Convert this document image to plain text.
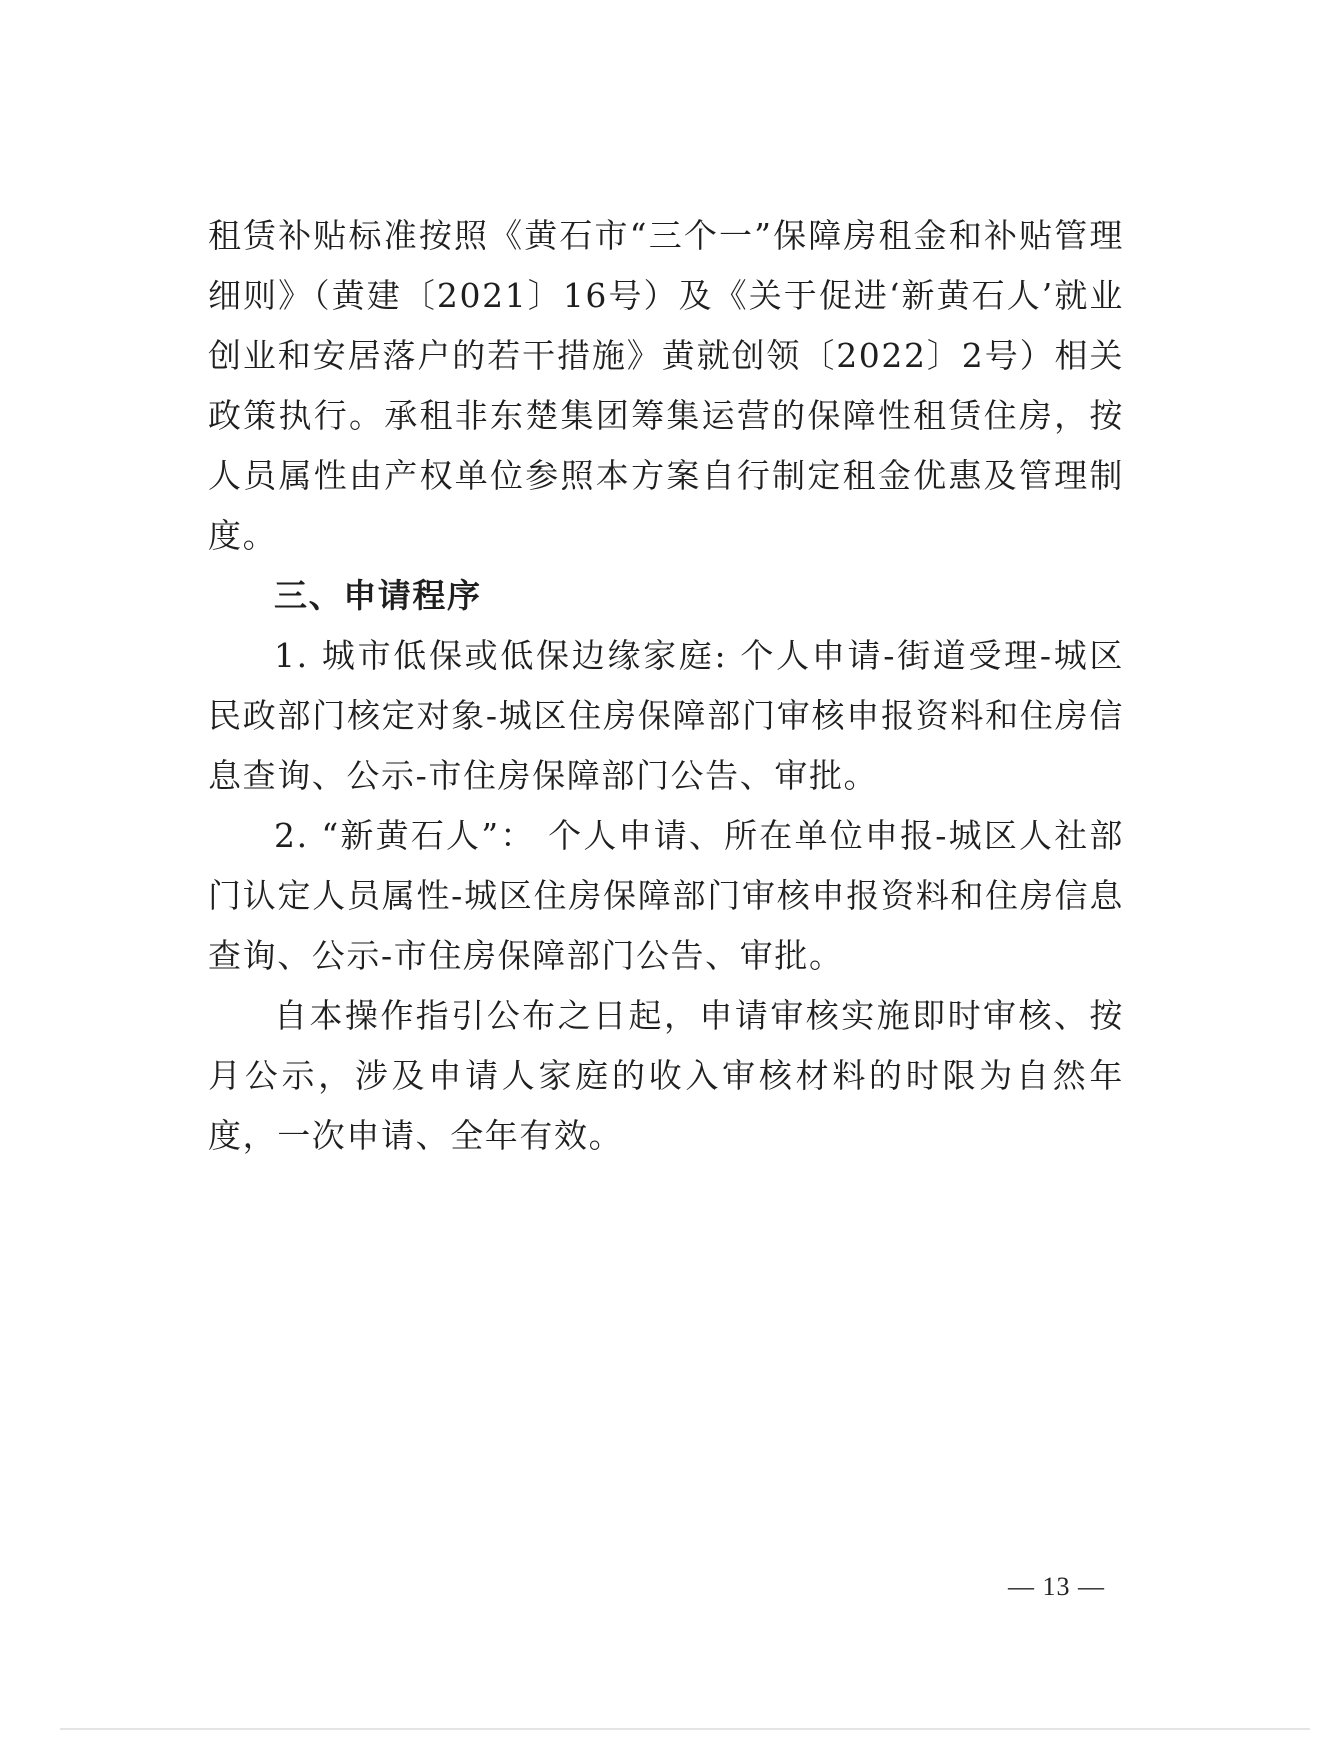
租赁补贴标准按照《黄石市“三个一”保障房租金和补贴管理细则》（黄建〔2021〕16号）及《关于促进‘新黄石人’就业创业和安居落户的若干措施》黄就创领〔2022〕2号）相关政策执行。承租非东楚集团筹集运营的保障性租赁住房，按人员属性由产权单位参照本方案自行制定租金优惠及管理制度。

三、申请程序

1. 城市低保或低保边缘家庭: 个人申请-街道受理-城区民政部门核定对象-城区住房保障部门审核申报资料和住房信息查询、公示-市住房保障部门公告、审批。

2. “新黄石人”： 个人申请、所在单位申报-城区人社部门认定人员属性-城区住房保障部门审核申报资料和住房信息查询、公示-市住房保障部门公告、审批。

自本操作指引公布之日起，申请审核实施即时审核、按月公示，涉及申请人家庭的收入审核材料的时限为自然年度，一次申请、全年有效。

— 13 —
